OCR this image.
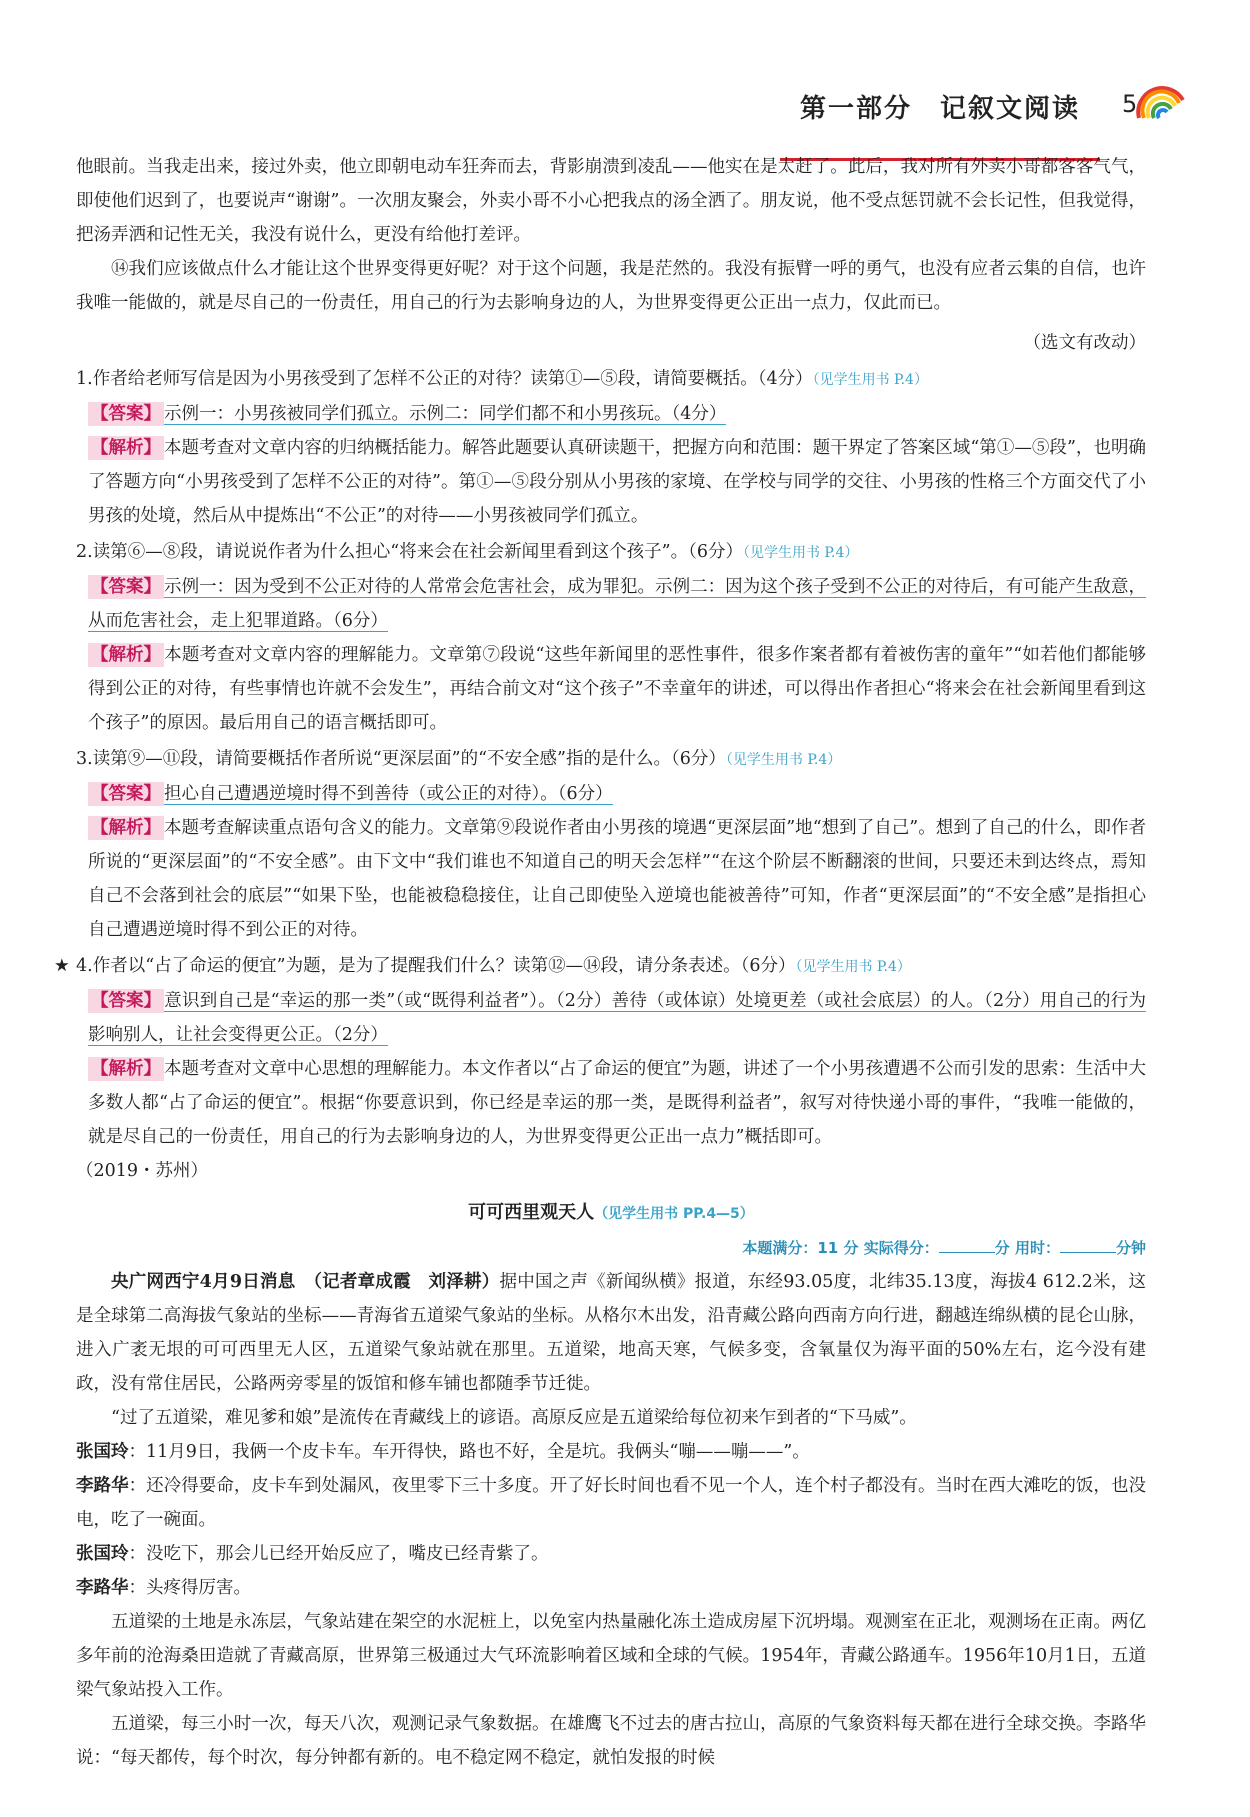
第一部分　记叙文阅读 5

他眼前。当我走出来，接过外卖，他立即朝电动车狂奔而去，背影崩溃到凌乱——他实在是太赶了。此后，我对所有外卖小哥都客客气气，即使他们迟到了，也要说声“谢谢”。一次朋友聚会，外卖小哥不小心把我点的汤全洒了。朋友说，他不受点惩罚就不会长记性，但我觉得，把汤弄洒和记性无关，我没有说什么，更没有给他打差评。

⑭我们应该做点什么才能让这个世界变得更好呢？对于这个问题，我是茫然的。我没有振臂一呼的勇气，也没有应者云集的自信，也许我唯一能做的，就是尽自己的一份责任，用自己的行为去影响身边的人，为世界变得更公正出一点力，仅此而已。

（选文有改动）

1.作者给老师写信是因为小男孩受到了怎样不公正的对待？读第①—⑤段，请简要概括。（4分）（见学生用书 P.4）

【答案】 示例一：小男孩被同学们孤立。示例二：同学们都不和小男孩玩。（4分）

【解析】 本题考查对文章内容的归纳概括能力。解答此题要认真研读题干，把握方向和范围：题干界定了答案区域“第①—⑤段”，也明确了答题方向“小男孩受到了怎样不公正的对待”。第①—⑤段分别从小男孩的家境、在学校与同学的交往、小男孩的性格三个方面交代了小男孩的处境，然后从中提炼出“不公正”的对待——小男孩被同学们孤立。

2.读第⑥—⑧段，请说说作者为什么担心“将来会在社会新闻里看到这个孩子”。（6分）（见学生用书 P.4）

【答案】 示例一：因为受到不公正对待的人常常会危害社会，成为罪犯。示例二：因为这个孩子受到不公正的对待后，有可能产生敌意，从而危害社会，走上犯罪道路。（6分）

【解析】 本题考查对文章内容的理解能力。文章第⑦段说“这些年新闻里的恶性事件，很多作案者都有着被伤害的童年”“如若他们都能够得到公正的对待，有些事情也许就不会发生”，再结合前文对“这个孩子”不幸童年的讲述，可以得出作者担心“将来会在社会新闻里看到这个孩子”的原因。最后用自己的语言概括即可。

3.读第⑨—⑪段，请简要概括作者所说“更深层面”的“不安全感”指的是什么。（6分）（见学生用书 P.4）

【答案】 担心自己遭遇逆境时得不到善待（或公正的对待）。（6分）

【解析】 本题考查解读重点语句含义的能力。文章第⑨段说作者由小男孩的境遇“更深层面”地“想到了自己”。想到了自己的什么，即作者所说的“更深层面”的“不安全感”。由下文中“我们谁也不知道自己的明天会怎样”“在这个阶层不断翻滚的世间，只要还未到达终点，焉知自己不会落到社会的底层”“如果下坠，也能被稳稳接住，让自己即使坠入逆境也能被善待”可知，作者“更深层面”的“不安全感”是指担心自己遭遇逆境时得不到公正的对待。

★ 4.作者以“占了命运的便宜”为题，是为了提醒我们什么？读第⑫—⑭段，请分条表述。（6分）（见学生用书 P.4）

【答案】 意识到自己是“幸运的那一类”（或“既得利益者”）。（2分）善待（或体谅）处境更差（或社会底层）的人。（2分）用自己的行为影响别人，让社会变得更公正。（2分）

【解析】 本题考查对文章中心思想的理解能力。本文作者以“占了命运的便宜”为题，讲述了一个小男孩遭遇不公而引发的思索：生活中大多数人都“占了命运的便宜”。根据“你要意识到，你已经是幸运的那一类，是既得利益者”，叙写对待快递小哥的事件，“我唯一能做的，就是尽自己的一份责任，用自己的行为去影响身边的人，为世界变得更公正出一点力”概括即可。

（2019・苏州）

可可西里观天人（见学生用书 PP.4—5）

本题满分：11 分 实际得分：	分 用时：	分钟

央广网西宁4月9日消息　 （记者章成霞　刘泽耕）据中国之声《新闻纵横》报道，东经93.05度，北纬35.13度，海拔4 612.2米，这是全球第二高海拔气象站的坐标——青海省五道梁气象站的坐标。从格尔木出发，沿青藏公路向西南方向行进，翻越连绵纵横的昆仑山脉，进入广袤无垠的可可西里无人区，五道梁气象站就在那里。五道梁，地高天寒，气候多变，含氧量仅为海平面的50%左右，迄今没有建政，没有常住居民，公路两旁零星的饭馆和修车铺也都随季节迁徙。

“过了五道梁，难见爹和娘”是流传在青藏线上的谚语。高原反应是五道梁给每位初来乍到者的“下马威”。

张国玲：11月9日，我俩一个皮卡车。车开得快，路也不好，全是坑。我俩头“嘣——嘣——”。

李路华：还冷得要命，皮卡车到处漏风，夜里零下三十多度。开了好长时间也看不见一个人，连个村子都没有。当时在西大滩吃的饭，也没电，吃了一碗面。

张国玲：没吃下，那会儿已经开始反应了，嘴皮已经青紫了。

李路华：头疼得厉害。

五道梁的土地是永冻层，气象站建在架空的水泥桩上，以免室内热量融化冻土造成房屋下沉坍塌。观测室在正北，观测场在正南。两亿多年前的沧海桑田造就了青藏高原，世界第三极通过大气环流影响着区域和全球的气候。1954年，青藏公路通车。1956年10月1日，五道梁气象站投入工作。

五道梁，每三小时一次，每天八次，观测记录气象数据。在雄鹰飞不过去的唐古拉山，高原的气象资料每天都在进行全球交换。李路华说：“每天都传，每个时次，每分钟都有新的。电不稳定网不稳定，就怕发报的时候
